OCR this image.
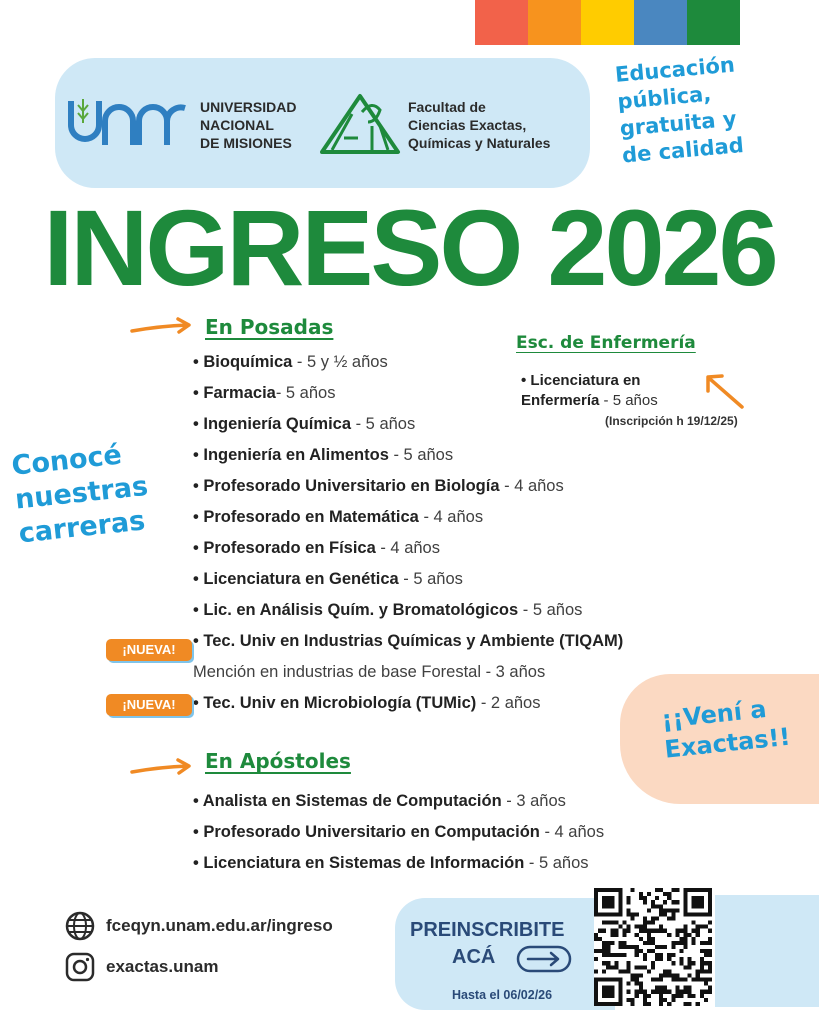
UNIVERSIDAD
NACIONAL
DE MISIONES
Facultad de
Ciencias Exactas,
Químicas y Naturales
Educación
pública,
gratuita y
de calidad
INGRESO 2026
En Posadas
• Bioquímica - 5 y ½ años
• Farmacia- 5 años
• Ingeniería Química - 5 años
• Ingeniería en Alimentos - 5 años
• Profesorado Universitario en Biología - 4 años
• Profesorado en Matemática - 4 años
• Profesorado en Física - 4 años
• Licenciatura en Genética - 5 años
• Lic. en Análisis Quím. y Bromatológicos - 5 años
• Tec. Univ en Industrias Químicas y Ambiente (TIQAM)
Mención en industrias de base Forestal - 3 años
• Tec. Univ en Microbiología (TUMic) - 2 años
¡NUEVA!
¡NUEVA!
Esc. de Enfermería
• Licenciatura en
Enfermería - 5 años
(Inscripción h 19/12/25)
Conocé
nuestras
carreras
¡¡Vení a
Exactas!!
En Apóstoles
• Analista en Sistemas de Computación - 3 años
• Profesorado Universitario en Computación - 4 años
• Licenciatura en Sistemas de Información - 5 años
fceqyn.unam.edu.ar/ingreso
exactas.unam
PREINSCRIBITE
ACÁ
Hasta el 06/02/26
